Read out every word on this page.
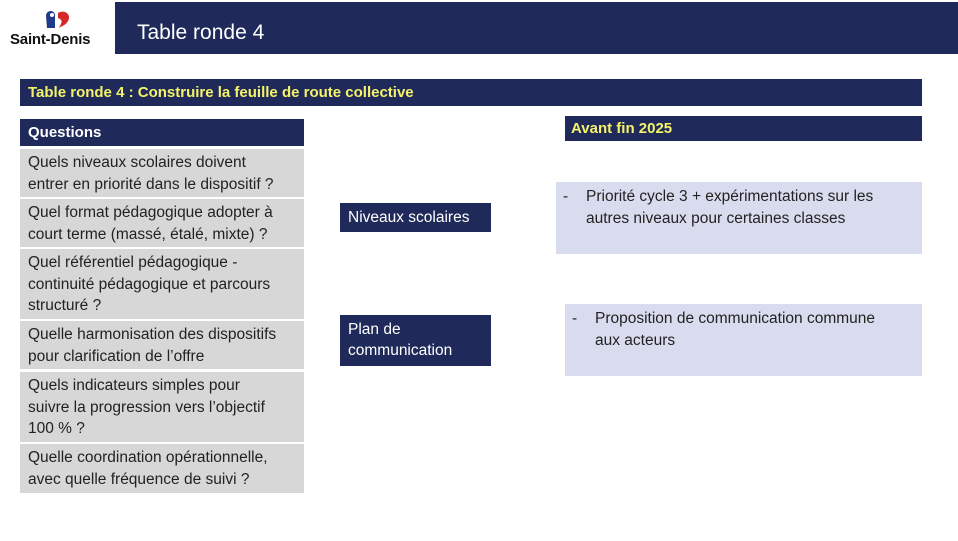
Saint-Denis Table ronde 4
Table ronde 4 : Construire la feuille de route collective
Questions
Quels niveaux scolaires doivent
entrer en priorité dans le dispositif ?
Quel format pédagogique adopter à
court terme (massé, étalé, mixte) ?
Quel référentiel pédagogique -
continuité pédagogique et parcours
structuré ?
Quelle harmonisation des dispositifs
pour clarification de l’offre
Quels indicateurs simples pour
suivre la progression vers l’objectif
100 % ?
Quelle coordination opérationnelle,
avec quelle fréquence de suivi ?
Niveaux scolaires
Plan de
communication
Avant fin 2025
- Priorité cycle 3 + expérimentations sur les
autres niveaux pour certaines classes
- Proposition de communication commune
aux acteurs
